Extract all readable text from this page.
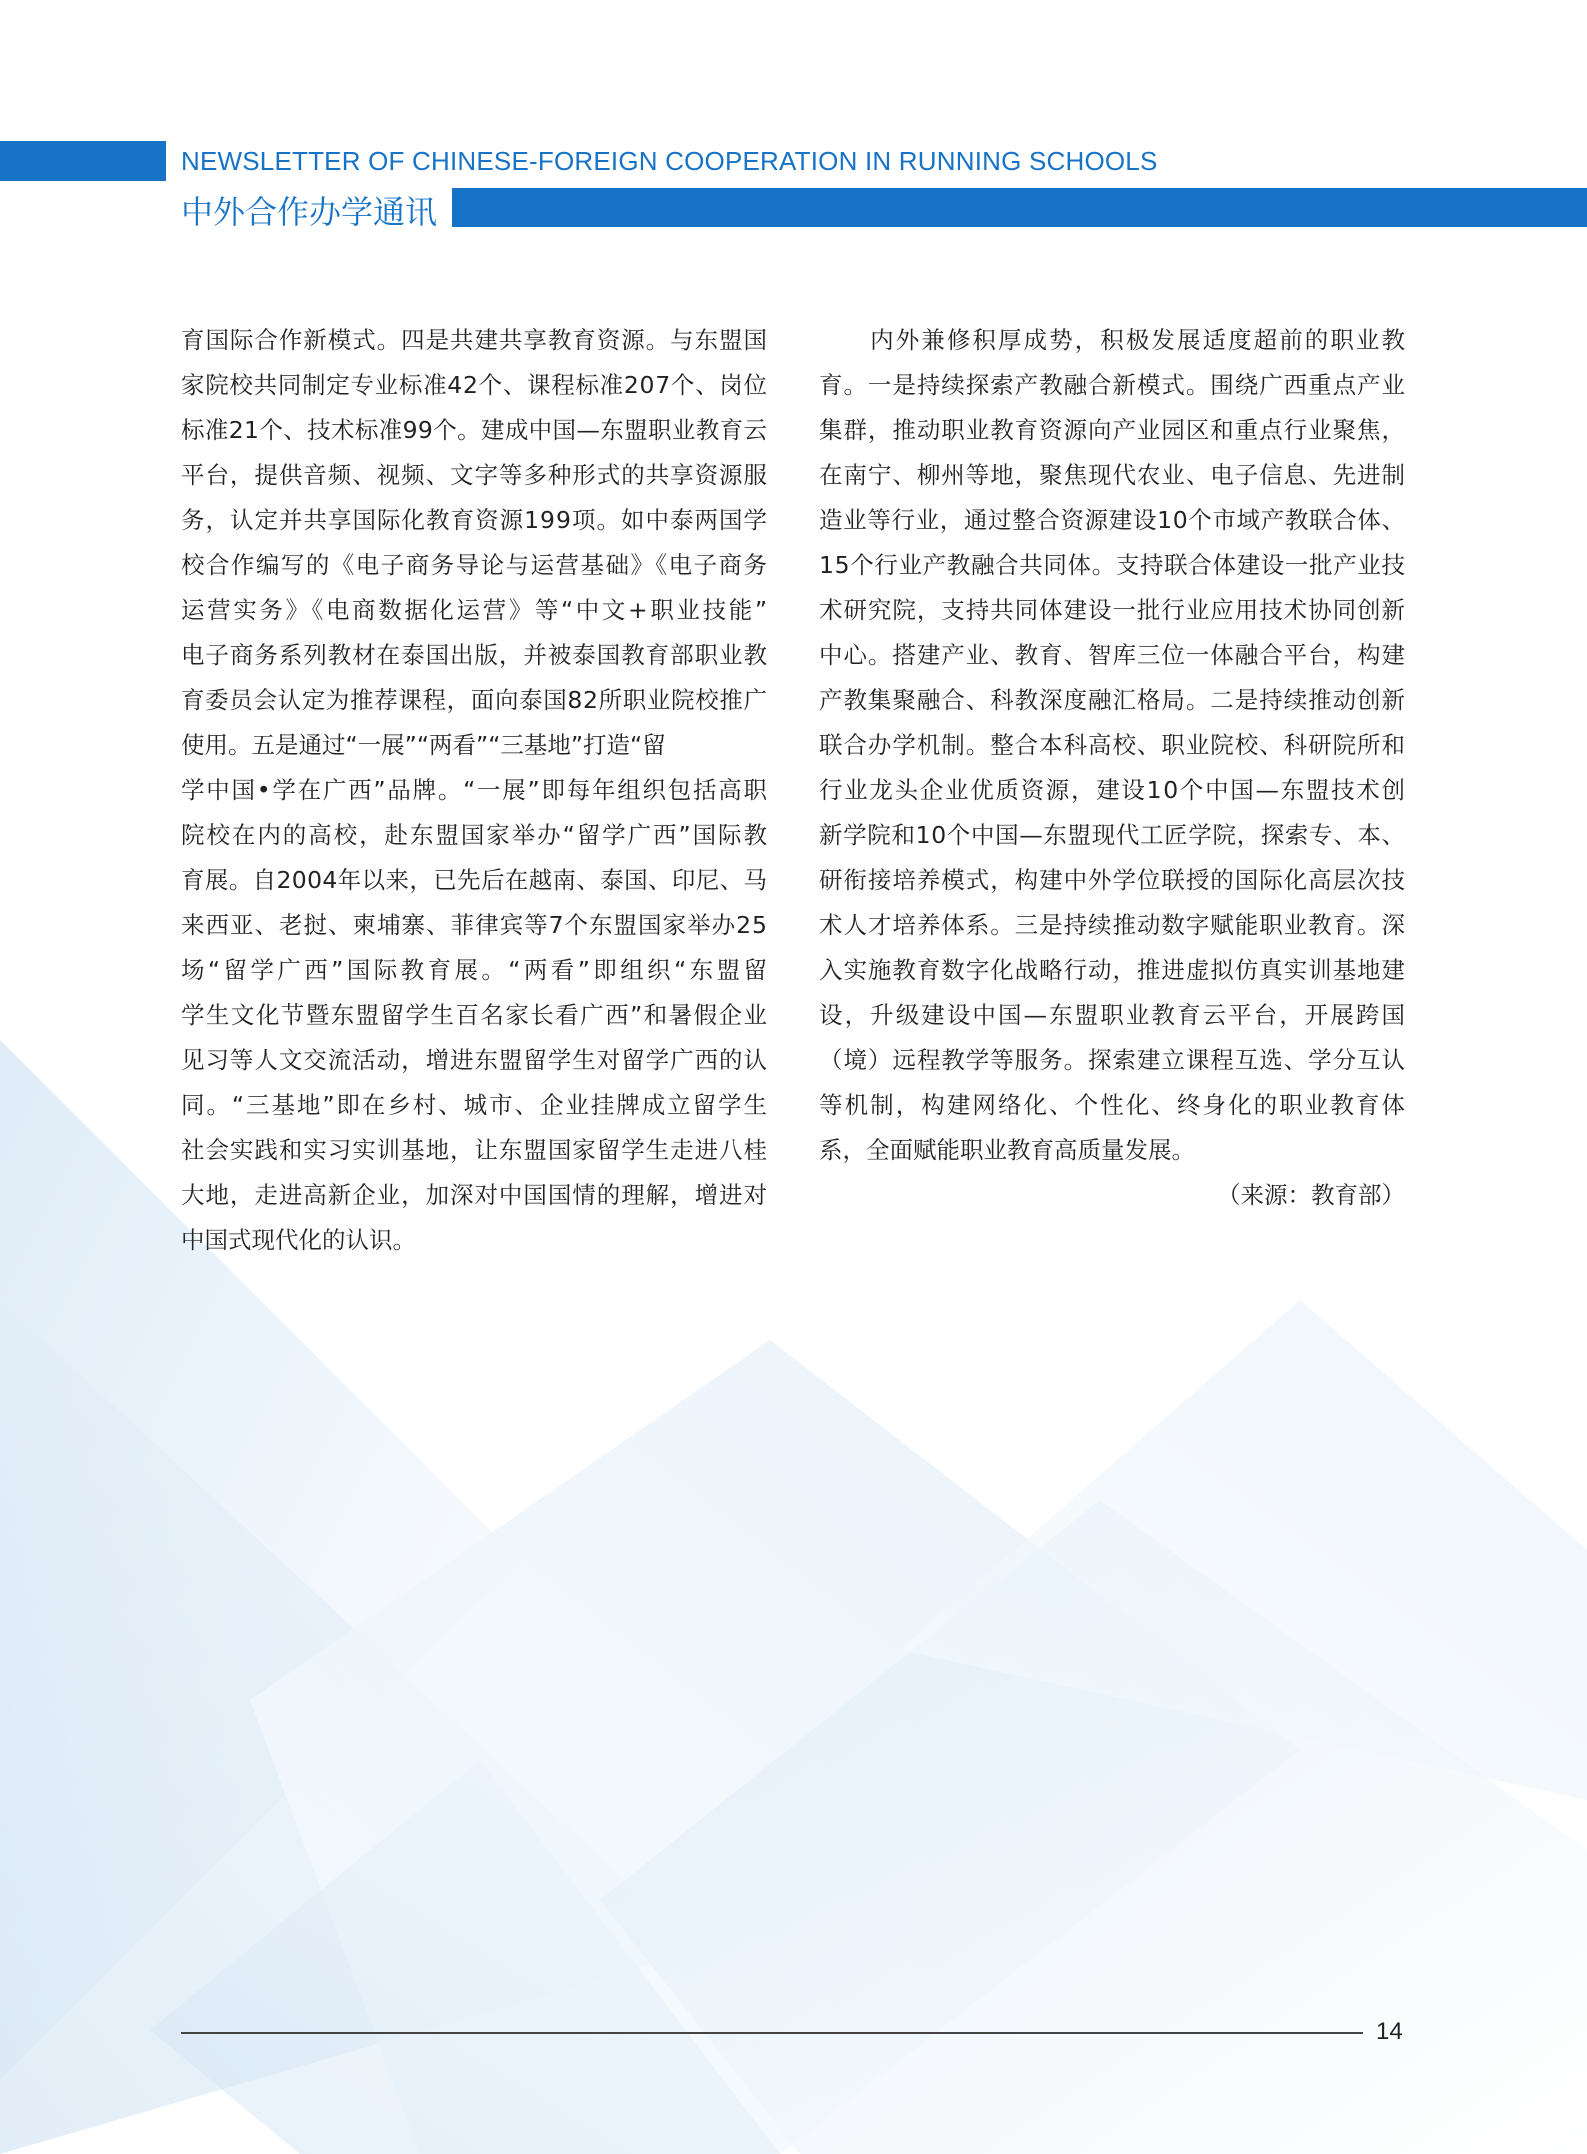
NEWSLETTER OF CHINESE-FOREIGN COOPERATION IN RUNNING SCHOOLS
中外合作办学通讯
育国际合作新模式。四是共建共享教育资源。与东盟国
家院校共同制定专业标准42个、课程标准207个、岗位
标准21个、技术标准99个。建成中国—东盟职业教育云
平台，提供音频、视频、文字等多种形式的共享资源服
务，认定并共享国际化教育资源199项。如中泰两国学
校合作编写的《电子商务导论与运营基础》《电子商务
运营实务》《电商数据化运营》等“中文+职业技能”
电子商务系列教材在泰国出版，并被泰国教育部职业教
育委员会认定为推荐课程，面向泰国82所职业院校推广
使用。五是通过“一展”“两看”“三基地”打造“留
学中国•学在广西”品牌。“一展”即每年组织包括高职
院校在内的高校，赴东盟国家举办“留学广西”国际教
育展。自2004年以来，已先后在越南、泰国、印尼、马
来西亚、老挝、柬埔寨、菲律宾等7个东盟国家举办25
场“留学广西”国际教育展。“两看”即组织“东盟留
学生文化节暨东盟留学生百名家长看广西”和暑假企业
见习等人文交流活动，增进东盟留学生对留学广西的认
同。“三基地”即在乡村、城市、企业挂牌成立留学生
社会实践和实习实训基地，让东盟国家留学生走进八桂
大地，走进高新企业，加深对中国国情的理解，增进对
中国式现代化的认识。
　　内外兼修积厚成势，积极发展适度超前的职业教
育。一是持续探索产教融合新模式。围绕广西重点产业
集群，推动职业教育资源向产业园区和重点行业聚焦，
在南宁、柳州等地，聚焦现代农业、电子信息、先进制
造业等行业，通过整合资源建设10个市域产教联合体、
15个行业产教融合共同体。支持联合体建设一批产业技
术研究院，支持共同体建设一批行业应用技术协同创新
中心。搭建产业、教育、智库三位一体融合平台，构建
产教集聚融合、科教深度融汇格局。二是持续推动创新
联合办学机制。整合本科高校、职业院校、科研院所和
行业龙头企业优质资源，建设10个中国—东盟技术创
新学院和10个中国—东盟现代工匠学院，探索专、本、
研衔接培养模式，构建中外学位联授的国际化高层次技
术人才培养体系。三是持续推动数字赋能职业教育。深
入实施教育数字化战略行动，推进虚拟仿真实训基地建
设，升级建设中国—东盟职业教育云平台，开展跨国
（境）远程教学等服务。探索建立课程互选、学分互认
等机制，构建网络化、个性化、终身化的职业教育体
系，全面赋能职业教育高质量发展。
（来源：教育部）
14
